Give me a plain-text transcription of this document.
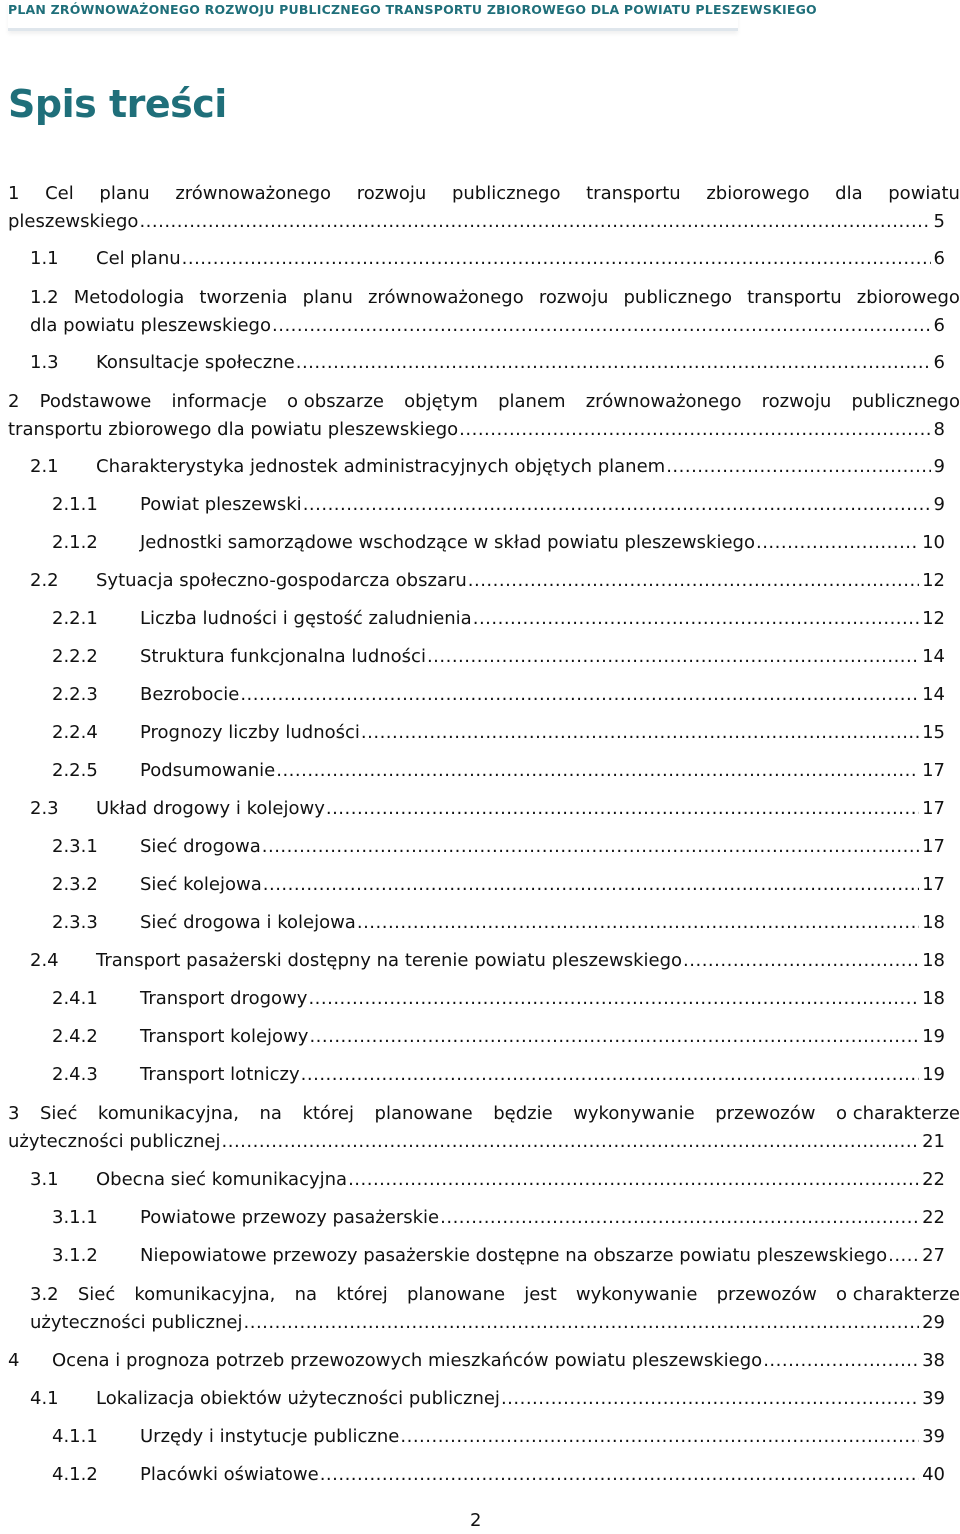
PLAN ZRÓWNOWAŻONEGO ROZWOJU PUBLICZNEGO TRANSPORTU ZBIOROWEGO DLA POWIATU PLESZEWSKIEGO
Spis treści
1 Cel planu zrównoważonego rozwoju publicznego transportu zbiorowego dla powiatu
pleszewskiego .....	5
1.1	Cel planu .....	6
1.2 Metodologia tworzenia planu zrównoważonego rozwoju publicznego transportu zbiorowego
dla powiatu pleszewskiego .....	6
1.3	Konsultacje społeczne .....	6
2 Podstawowe informacje o obszarze objętym planem zrównoważonego rozwoju publicznego
transportu zbiorowego dla powiatu pleszewskiego .....	8
2.1	Charakterystyka jednostek administracyjnych objętych planem .....	9
2.1.1	Powiat pleszewski .....	9
2.1.2	Jednostki samorządowe wschodzące w skład powiatu pleszewskiego .....	10
2.2	Sytuacja społeczno-gospodarcza obszaru .....	12
2.2.1	Liczba ludności i gęstość zaludnienia .....	12
2.2.2	Struktura funkcjonalna ludności .....	14
2.2.3	Bezrobocie .....	14
2.2.4	Prognozy liczby ludności .....	15
2.2.5	Podsumowanie .....	17
2.3	Układ drogowy i kolejowy .....	17
2.3.1	Sieć drogowa .....	17
2.3.2	Sieć kolejowa .....	17
2.3.3	Sieć drogowa i kolejowa .....	18
2.4	Transport pasażerski dostępny na terenie powiatu pleszewskiego .....	18
2.4.1	Transport drogowy .....	18
2.4.2	Transport kolejowy .....	19
2.4.3	Transport lotniczy .....	19
3 Sieć komunikacyjna, na której planowane będzie wykonywanie przewozów o charakterze
użyteczności publicznej .....	21
3.1	Obecna sieć komunikacyjna .....	22
3.1.1	Powiatowe przewozy pasażerskie .....	22
3.1.2	Niepowiatowe przewozy pasażerskie dostępne na obszarze powiatu pleszewskiego ..... 27
3.2 Sieć komunikacyjna, na której planowane jest wykonywanie przewozów o charakterze
użyteczności publicznej .....	29
4	Ocena i prognoza potrzeb przewozowych mieszkańców powiatu pleszewskiego .....	38
4.1	Lokalizacja obiektów użyteczności publicznej .....	39
4.1.1	Urzędy i instytucje publiczne .....	39
4.1.2	Placówki oświatowe .....	40
2
